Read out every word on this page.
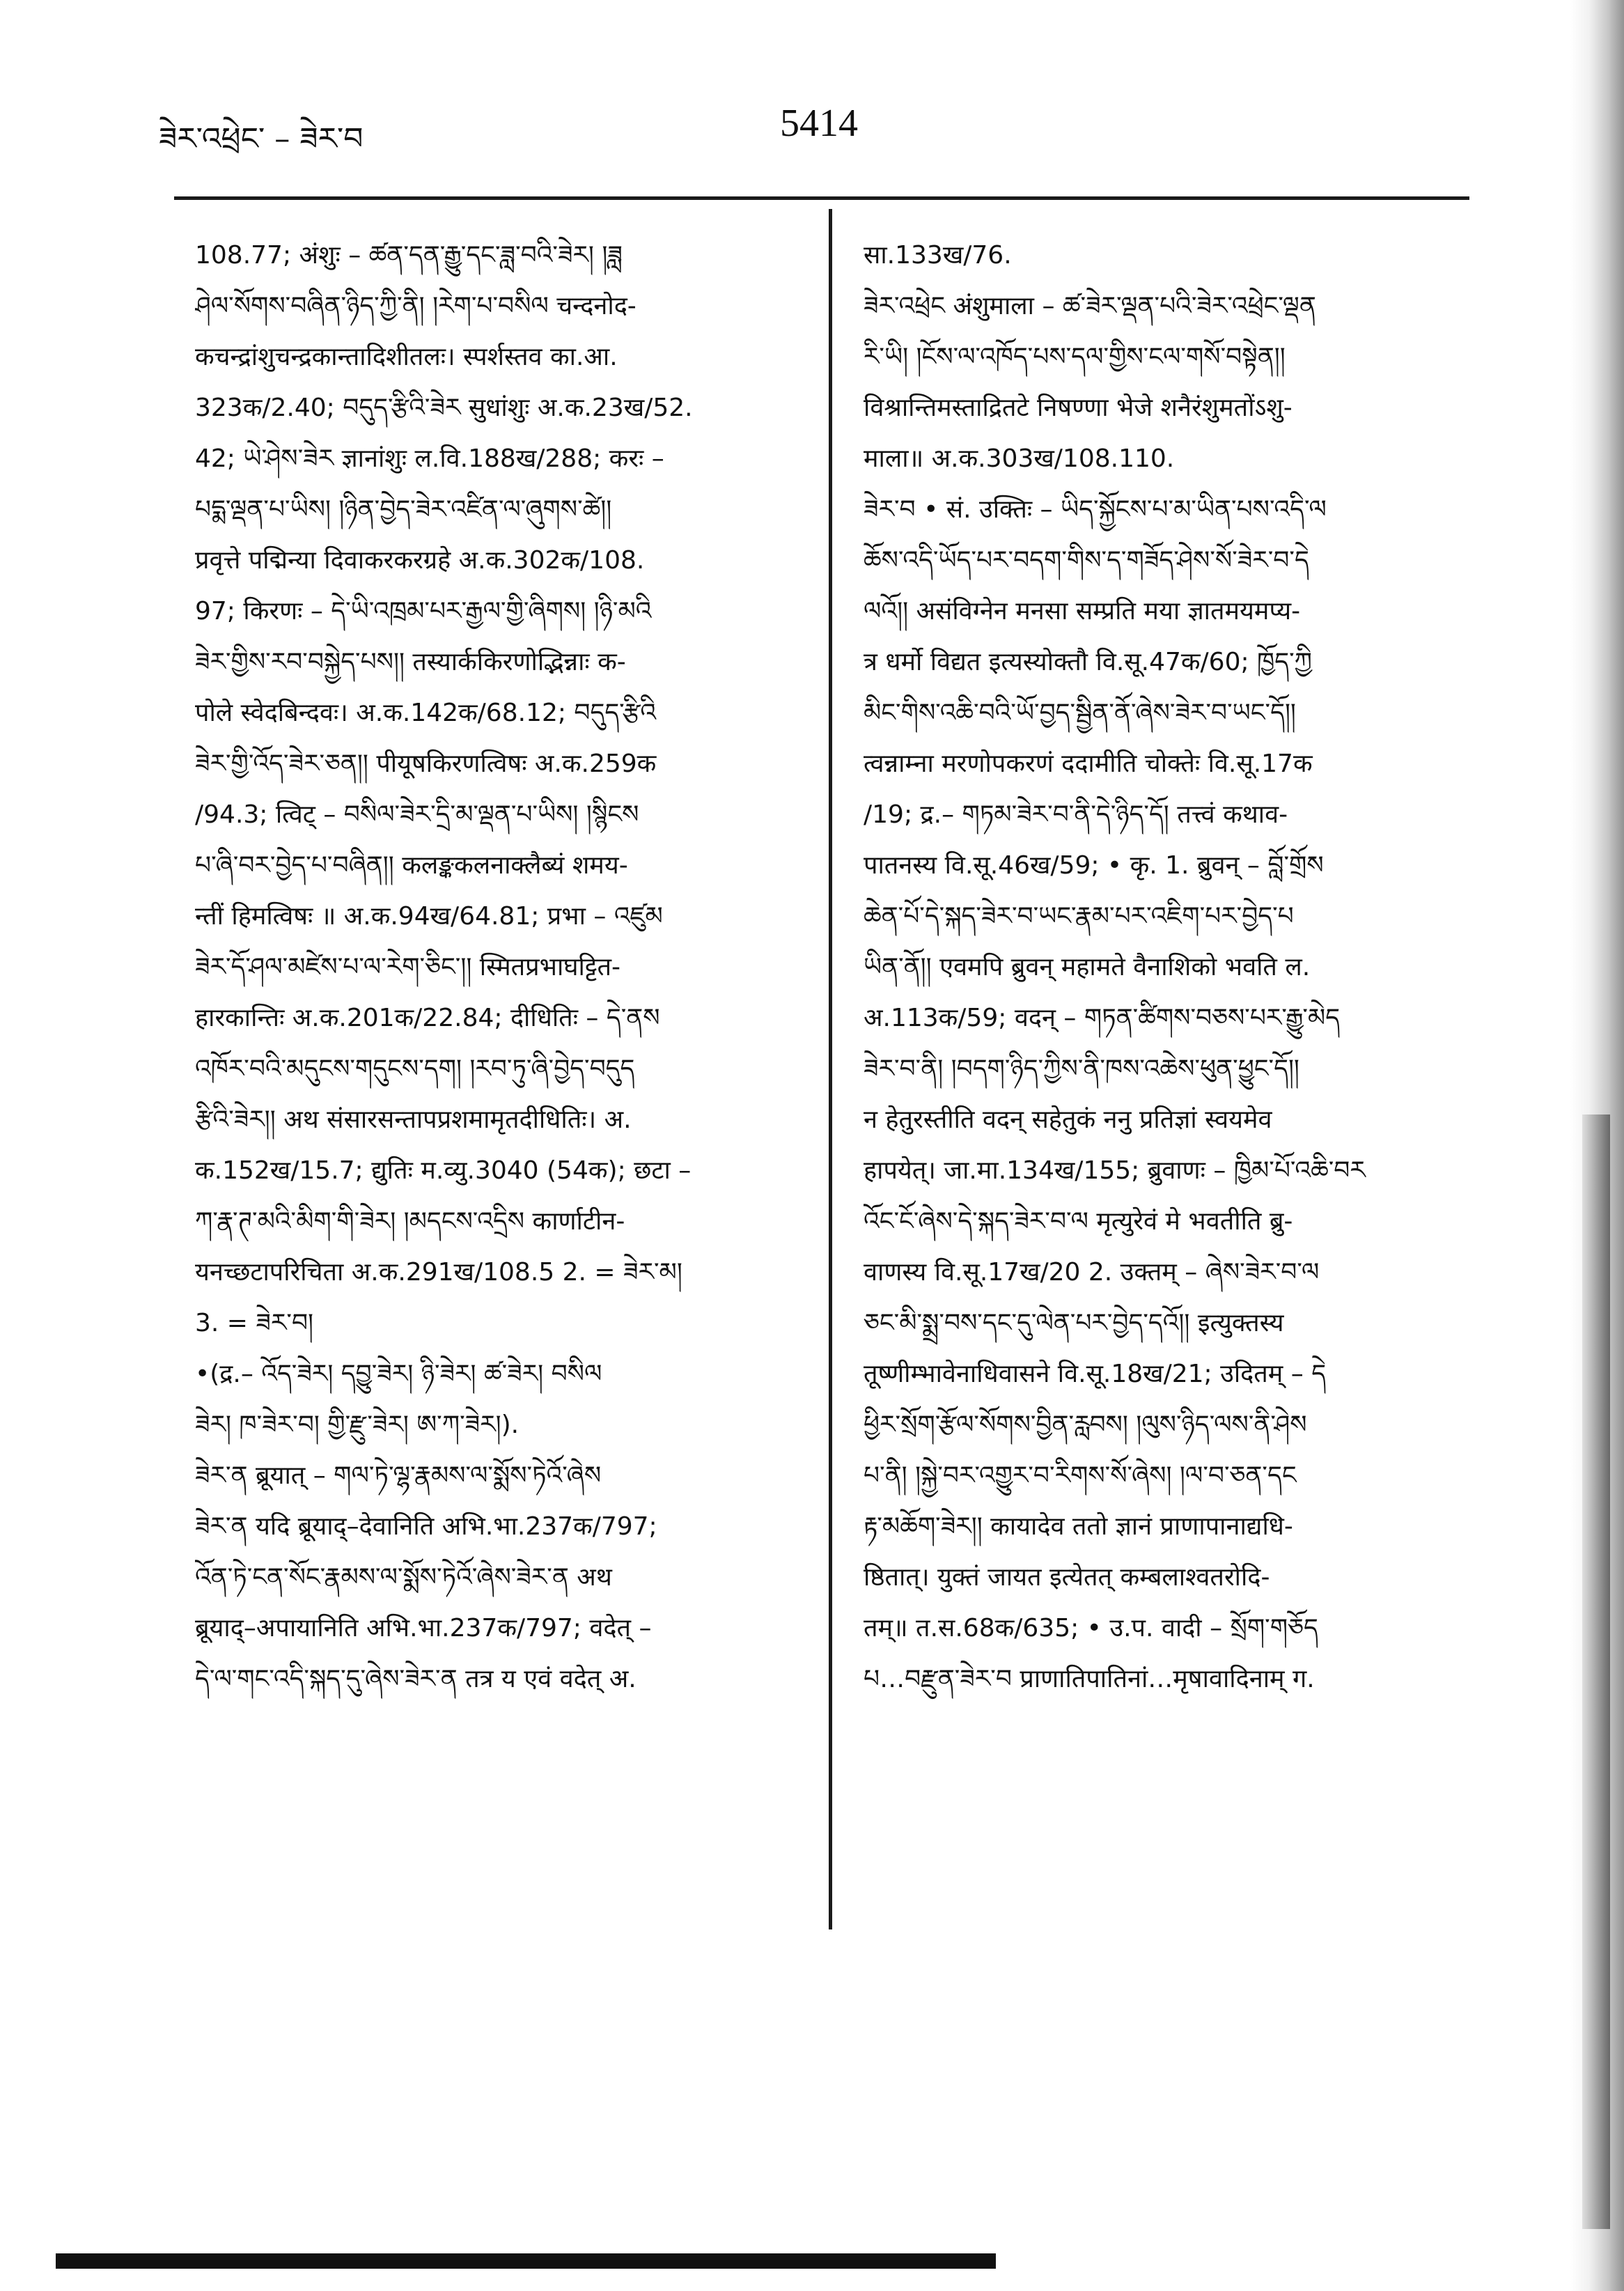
ཟེར་འཕྲེང་ – ཟེར་བ	5414
108.77; अंशुः – ཚན་དན་རྒྱུ་དང་ཟླ་བའི་ཟེར། །ཟླ
ཤེལ་སོགས་བཞིན་ཉིད་ཀྱི་ནི། །རེག་པ་བསིལ चन्दनोद-
कचन्द्रांशुचन्द्रकान्तादिशीतलः। स्पर्शस्तव का.आ.
323क/2.40; བདུད་རྩིའི་ཟེར सुधांशुः अ.क.23ख/52.
42; ཡེ་ཤེས་ཟེར ज्ञानांशुः ल.वि.188ख/288; करः –
པདྨ་ལྡན་པ་ཡིས། །ཉིན་བྱེད་ཟེར་འཛིན་ལ་ཞུགས་ཚེ།།
प्रवृत्ते पद्मिन्या दिवाकरकरग्रहे अ.क.302क/108.
97; किरणः – དེ་ཡི་འཁྲམ་པར་རྒྱལ་གྱི་ཞིགས། །ཉི་མའི
ཟེར་གྱིས་རབ་བསྐྱེད་པས།། तस्यार्ककिरणोद्भिन्नाः क-
पोले स्वेदबिन्दवः। अ.क.142क/68.12; བདུད་རྩིའི
ཟེར་གྱི་འོད་ཟེར་ཅན།། पीयूषकिरणत्विषः अ.क.259क
/94.3; त्विट् – བསིལ་ཟེར་དྲི་མ་ལྡན་པ་ཡིས། །སྙིངས
པ་ཞི་བར་བྱེད་པ་བཞིན།། कलङ्ककलनाक्लैब्यं शमय-
न्तीं हिमत्विषः ॥ अ.क.94ख/64.81; प्रभा – འཛུམ
ཟེར་དོ་ཤལ་མཛེས་པ་ལ་རེག་ཅིང་།། स्मितप्रभाघट्टित-
हारकान्तिः अ.क.201क/22.84; दीधितिः – དེ་ནས
འཁོར་བའི་མདུངས་གདུངས་དག། །རབ་ཏུ་ཞི་བྱེད་བདུད
རྩིའི་ཟེར།། अथ संसारसन्तापप्रशमामृतदीधितिः। अ.
क.152ख/15.7; द्युतिः म.व्यु.3040 (54क); छटा –
ཀ་རྣ་ཊ་མའི་མིག་གི་ཟེར། །མདངས་འདྲིས कार्णाटीन-
यनच्छटापरिचिता अ.क.291ख/108.5 2. = ཟེར་མ།
3. = ཟེར་བ།
•(द्र.– འོད་ཟེར། དབྱུ་ཟེར། ཉི་ཟེར། ཚ་ཟེར། བསིལ
ཟེར། ཁ་ཟེར་བ། གྱི་རྫུ་ཟེར། ཨ་ཀ་ཟེར།).
ཟེར་ན ब्रूयात् – གལ་ཏེ་ལྷ་རྣམས་ལ་སྨོས་ཏེའོ་ཞེས
ཟེར་ན यदि ब्रूयाद्–देवानिति अभि.भा.237क/797;
འོན་ཏེ་ངན་སོང་རྣམས་ལ་སྨོས་ཏེའོ་ཞེས་ཟེར་ན अथ
ब्रूयाद्–अपायानिति अभि.भा.237क/797; वदेत् –
དེ་ལ་གང་འདི་སྐད་དུ་ཞེས་ཟེར་ན तत्र य एवं वदेत् अ.
सा.133ख/76.
ཟེར་འཕྲེང अंशुमाला – ཚ་ཟེར་ལྡན་པའི་ཟེར་འཕྲེང་ལྡན
རི་ཡི། །ངོས་ལ་འཁོད་པས་དལ་གྱིས་ངལ་གསོ་བསྟེན།།
विश्रान्तिमस्ताद्रितटे निषण्णा भेजे शनैरंशुमतोंऽशु-
माला॥ अ.क.303ख/108.110.
ཟེར་བ • सं. उक्तिः – ཡིད་སྐྱོངས་པ་མ་ཡིན་པས་འདི་ལ
ཆོས་འདི་ཡོད་པར་བདག་གིས་ད་གཟོད་ཤེས་སོ་ཟེར་བ་དེ
ལའོ།། असंविग्नेन मनसा सम्प्रति मया ज्ञातमयमप्य-
त्र धर्मो विद्यत इत्यस्योक्तौ वि.सू.47क/60; ཁྱོད་ཀྱི
མིང་གིས་འཆི་བའི་ཡོ་བྱད་སྦྱིན་ནོ་ཞེས་ཟེར་བ་ཡང་དོ།།
त्वन्नाम्ना मरणोपकरणं ददामीति चोक्तेः वि.सू.17क
/19; द्र.– གཏམ་ཟེར་བ་ནི་དེ་ཉིད་དོ། तत्त्वं कथाव-
पातनस्य वि.सू.46ख/59; • कृ. 1. ब्रुवन् – བློ་གྲོས
ཆེན་པོ་དེ་སྐད་ཟེར་བ་ཡང་རྣམ་པར་འཇིག་པར་བྱེད་པ
ཡིན་ནོ།། एवमपि ब्रुवन् महामते वैनाशिको भवति ल.
अ.113क/59; वदन् – གཏན་ཚིགས་བཅས་པར་རྒྱུ་མེད
ཟེར་བ་ནི། །བདག་ཉིད་ཀྱིས་ནི་ཁས་འཆེས་ཕུན་ཕྱུང་དོ།།
न हेतुरस्तीति वदन् सहेतुकं ननु प्रतिज्ञां स्वयमेव
हापयेत्। जा.मा.134ख/155; ब्रुवाणः – ཁྱིམ་པོ་འཆི་བར
འོང་ངོ་ཞེས་དེ་སྐད་ཟེར་བ་ལ मृत्युरेवं मे भवतीति ब्रु-
वाणस्य वि.सू.17ख/20 2. उक्तम् – ཞེས་ཟེར་བ་ལ
ཅང་མི་སྨྲ་བས་དང་དུ་ལེན་པར་བྱེད་དའོ།། इत्युक्तस्य
तूष्णीम्भावेनाधिवासने वि.सू.18ख/21; उदितम् – དེ
ཕྱིར་སྲོག་རྩོལ་སོགས་བྱིན་རླབས། །ལུས་ཉིད་ལས་ནི་ཤེས
པ་ནི། །སྐྱེ་བར་འགྱུར་བ་རིགས་སོ་ཞེས། །ལ་བ་ཅན་དང
རྟ་མཆོག་ཟེར།། कायादेव ततो ज्ञानं प्राणापानाद्यधि-
ष्ठितात्। युक्तं जायत इत्येतत् कम्बलाश्वतरोदि-
तम्॥ त.स.68क/635; • उ.प. वादी – སྲོག་གཅོད
པ…བརྫུན་ཟེར་བ प्राणातिपातिनां…मृषावादिनाम् ग.
